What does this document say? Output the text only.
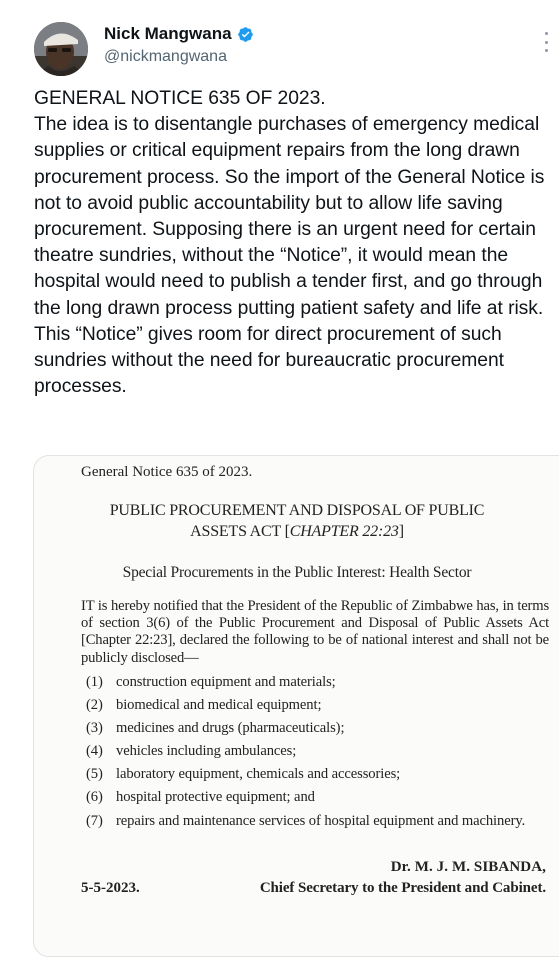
Nick Mangwana
@nickmangwana
GENERAL NOTICE 635 OF 2023.
The idea is to disentangle purchases of emergency medical supplies or critical equipment repairs from the long drawn procurement process. So the import of the General Notice is not to avoid public accountability but to allow life saving procurement. Supposing there is an urgent need for certain theatre sundries, without the “Notice”, it would mean the hospital would need to publish a tender first, and go through the long drawn process putting patient safety and life at risk. This “Notice” gives room for direct procurement of such sundries without the need for bureaucratic procurement processes.
General Notice 635 of 2023.
PUBLIC PROCUREMENT AND DISPOSAL OF PUBLIC
ASSETS ACT [CHAPTER 22:23]
Special Procurements in the Public Interest: Health Sector
IT is hereby notified that the President of the Republic of Zimbabwe has, in terms of section 3(6) of the Public Procurement and Disposal of Public Assets Act [Chapter 22:23], declared the following to be of national interest and shall not be publicly disclosed—
(1) construction equipment and materials;
(2) biomedical and medical equipment;
(3) medicines and drugs (pharmaceuticals);
(4) vehicles including ambulances;
(5) laboratory equipment, chemicals and accessories;
(6) hospital protective equipment; and
(7) repairs and maintenance services of hospital equipment and machinery.
Dr. M. J. M. SIBANDA,
5-5-2023.	Chief Secretary to the President and Cabinet.
